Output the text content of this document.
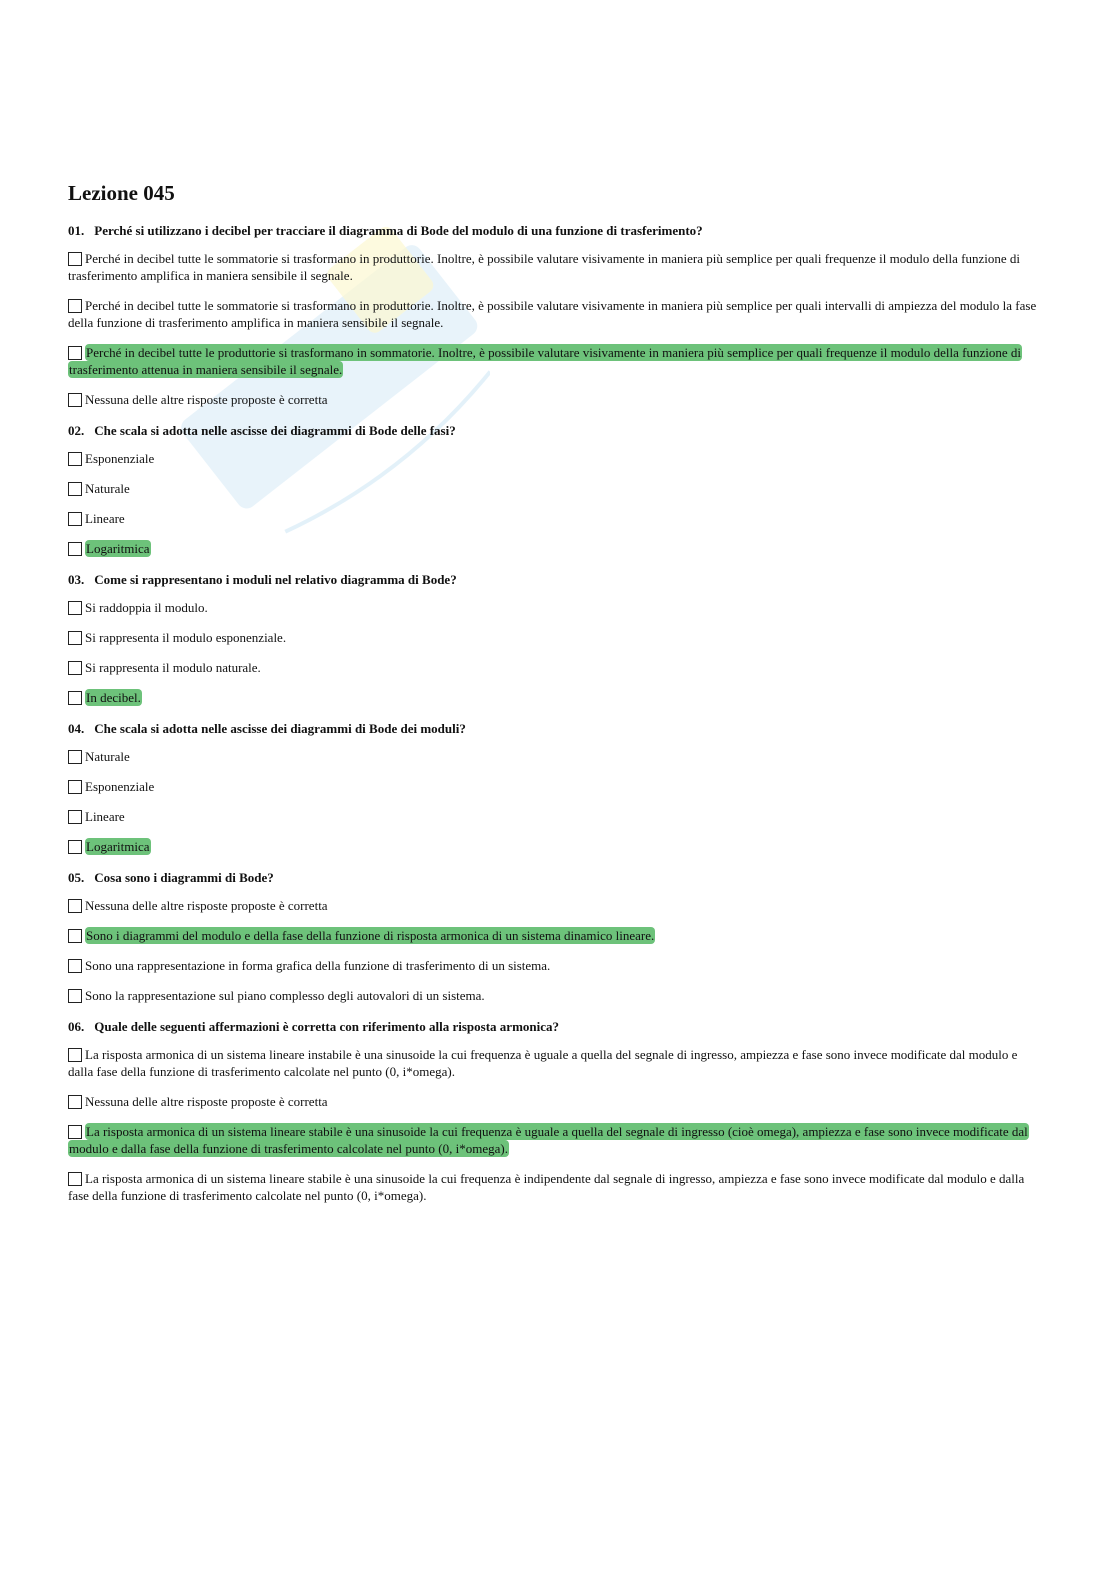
Lezione 045

01. Perché si utilizzano i decibel per tracciare il diagramma di Bode del modulo di una funzione di trasferimento?

Perché in decibel tutte le sommatorie si trasformano in produttorie. Inoltre, è possibile valutare visivamente in maniera più semplice per quali frequenze il modulo della funzione di trasferimento amplifica in maniera sensibile il segnale.

Perché in decibel tutte le sommatorie si trasformano in produttorie. Inoltre, è possibile valutare visivamente in maniera più semplice per quali intervalli di ampiezza del modulo la fase della funzione di trasferimento amplifica in maniera sensibile il segnale.

Perché in decibel tutte le produttorie si trasformano in sommatorie. Inoltre, è possibile valutare visivamente in maniera più semplice per quali frequenze il modulo della funzione di trasferimento attenua in maniera sensibile il segnale.

Nessuna delle altre risposte proposte è corretta

02. Che scala si adotta nelle ascisse dei diagrammi di Bode delle fasi?

Esponenziale

Naturale

Lineare

Logaritmica

03. Come si rappresentano i moduli nel relativo diagramma di Bode?

Si raddoppia il modulo.

Si rappresenta il modulo esponenziale.

Si rappresenta il modulo naturale.

In decibel.

04. Che scala si adotta nelle ascisse dei diagrammi di Bode dei moduli?

Naturale

Esponenziale

Lineare

Logaritmica

05. Cosa sono i diagrammi di Bode?

Nessuna delle altre risposte proposte è corretta

Sono i diagrammi del modulo e della fase della funzione di risposta armonica di un sistema dinamico lineare.

Sono una rappresentazione in forma grafica della funzione di trasferimento di un sistema.

Sono la rappresentazione sul piano complesso degli autovalori di un sistema.

06. Quale delle seguenti affermazioni è corretta con riferimento alla risposta armonica?

La risposta armonica di un sistema lineare instabile è una sinusoide la cui frequenza è uguale a quella del segnale di ingresso, ampiezza e fase sono invece modificate dal modulo e dalla fase della funzione di trasferimento calcolate nel punto (0, i*omega).

Nessuna delle altre risposte proposte è corretta

La risposta armonica di un sistema lineare stabile è una sinusoide la cui frequenza è uguale a quella del segnale di ingresso (cioè omega), ampiezza e fase sono invece modificate dal modulo e dalla fase della funzione di trasferimento calcolate nel punto (0, i*omega).

La risposta armonica di un sistema lineare stabile è una sinusoide la cui frequenza è indipendente dal segnale di ingresso, ampiezza e fase sono invece modificate dal modulo e dalla fase della funzione di trasferimento calcolate nel punto (0, i*omega).
